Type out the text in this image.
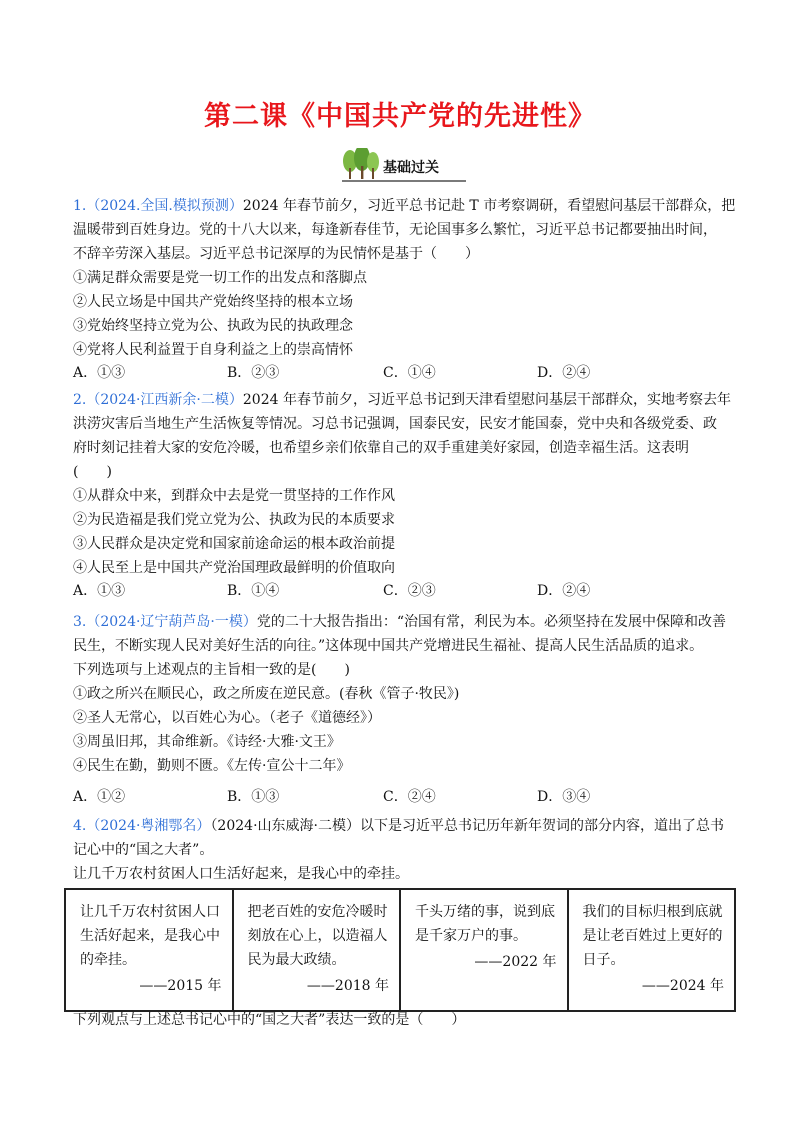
第二课《中国共产党的先进性》
基础过关
1.（2024.全国.模拟预测）2024 年春节前夕，习近平总书记赴 T 市考察调研，看望慰问基层干部群众，把
温暖带到百姓身边。党的十八大以来，每逢新春佳节，无论国事多么繁忙，习近平总书记都要抽出时间，
不辞辛劳深入基层。习近平总书记深厚的为民情怀是基于（　　）
①满足群众需要是党一切工作的出发点和落脚点
②人民立场是中国共产党始终坚持的根本立场
③党始终坚持立党为公、执政为民的执政理念
④党将人民利益置于自身利益之上的崇高情怀
A．①③	B．②③	C．①④	D．②④
2.（2024·江西新余·二模）2024 年春节前夕，习近平总书记到天津看望慰问基层干部群众，实地考察去年
洪涝灾害后当地生产生活恢复等情况。习总书记强调，国泰民安，民安才能国泰，党中央和各级党委、政
府时刻记挂着大家的安危冷暖，也希望乡亲们依靠自己的双手重建美好家园，创造幸福生活。这表明
(　　)
①从群众中来，到群众中去是党一贯坚持的工作作风
②为民造福是我们党立党为公、执政为民的本质要求
③人民群众是决定党和国家前途命运的根本政治前提
④人民至上是中国共产党治国理政最鲜明的价值取向
A．①③	B．①④	C．②③	D．②④
3.（2024·辽宁葫芦岛·一模）党的二十大报告指出：“治国有常，利民为本。必须坚持在发展中保障和改善
民生，不断实现人民对美好生活的向往。”这体现中国共产党增进民生福祉、提高人民生活品质的追求。
下列选项与上述观点的主旨相一致的是(　　)
①政之所兴在顺民心，政之所废在逆民意。(春秋《管子·牧民》)
②圣人无常心，以百姓心为心。（老子《道德经》）
③周虽旧邦，其命维新。《诗经·大雅·文王》
④民生在勤，勤则不匮。《左传·宣公十二年》
A．①②	B．①③	C．②④	D．③④
4.（2024·粤湘鄂名）（2024·山东威海·二模）以下是习近平总书记历年新年贺词的部分内容，道出了总书
记心中的“国之大者”。
让几千万农村贫困人口生活好起来，是我心中的牵挂。
让几千万农村贫困人口生活好起来，是我心中的牵挂。
——2015 年

把老百姓的安危冷暖时刻放在心上，以造福人民为最大政绩。
——2018 年

千头万绪的事，说到底是千家万户的事。
——2022 年

我们的目标归根到底就是让老百姓过上更好的日子。
——2024 年
下列观点与上述总书记心中的“国之大者”表达一致的是（　　）
